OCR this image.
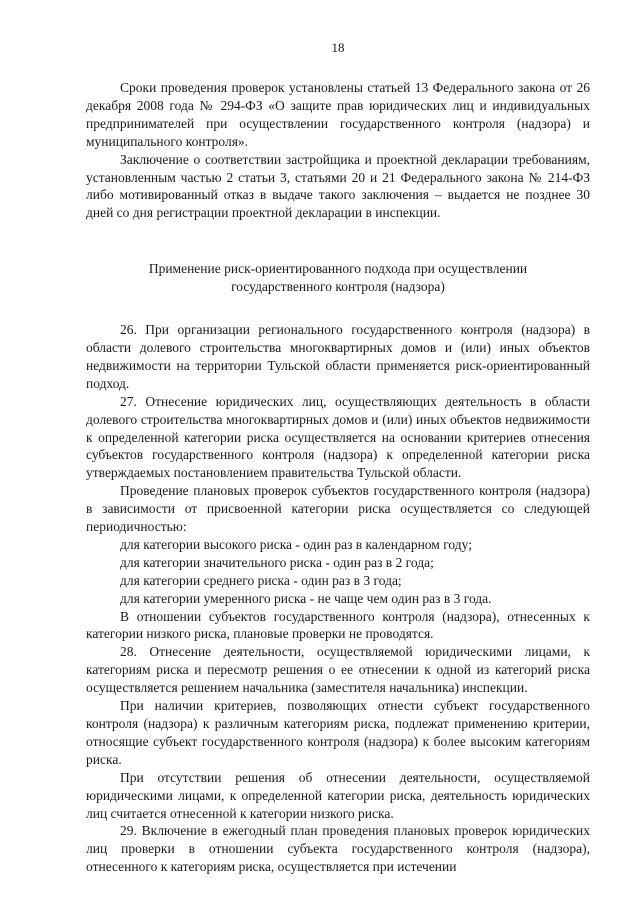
18

Сроки проведения проверок установлены статьей 13 Федерального закона от 26 декабря 2008 года № 294-ФЗ «О защите прав юридических лиц и индивидуальных предпринимателей при осуществлении государственного контроля (надзора) и муниципального контроля».

Заключение о соответствии застройщика и проектной декларации требованиям, установленным частью 2 статьи 3, статьями 20 и 21 Федерального закона № 214-ФЗ либо мотивированный отказ в выдаче такого заключения – выдается не позднее 30 дней со дня регистрации проектной декларации в инспекции.

Применение риск-ориентированного подхода при осуществлении
государственного контроля (надзора)

26. При организации регионального государственного контроля (надзора) в области долевого строительства многоквартирных домов и (или) иных объектов недвижимости на территории Тульской области применяется риск-ориентированный подход.

27. Отнесение юридических лиц, осуществляющих деятельность в области долевого строительства многоквартирных домов и (или) иных объектов недвижимости к определенной категории риска осуществляется на основании критериев отнесения субъектов государственного контроля (надзора) к определенной категории риска утверждаемых постановлением правительства Тульской области.

Проведение плановых проверок субъектов государственного контроля (надзора) в зависимости от присвоенной категории риска осуществляется со следующей периодичностью:

для категории высокого риска - один раз в календарном году;

для категории значительного риска - один раз в 2 года;

для категории среднего риска - один раз в 3 года;

для категории умеренного риска - не чаще чем один раз в 3 года.

В отношении субъектов государственного контроля (надзора), отнесенных к категории низкого риска, плановые проверки не проводятся.

28. Отнесение деятельности, осуществляемой юридическими лицами, к категориям риска и пересмотр решения о ее отнесении к одной из категорий риска осуществляется решением начальника (заместителя начальника) инспекции.

При наличии критериев, позволяющих отнести субъект государственного контроля (надзора) к различным категориям риска, подлежат применению критерии, относящие субъект государственного контроля (надзора) к более высоким категориям риска.

При отсутствии решения об отнесении деятельности, осуществляемой юридическими лицами, к определенной категории риска, деятельность юридических лиц считается отнесенной к категории низкого риска.

29. Включение в ежегодный план проведения плановых проверок юридических лиц проверки в отношении субъекта государственного контроля (надзора), отнесенного к категориям риска, осуществляется при истечении
